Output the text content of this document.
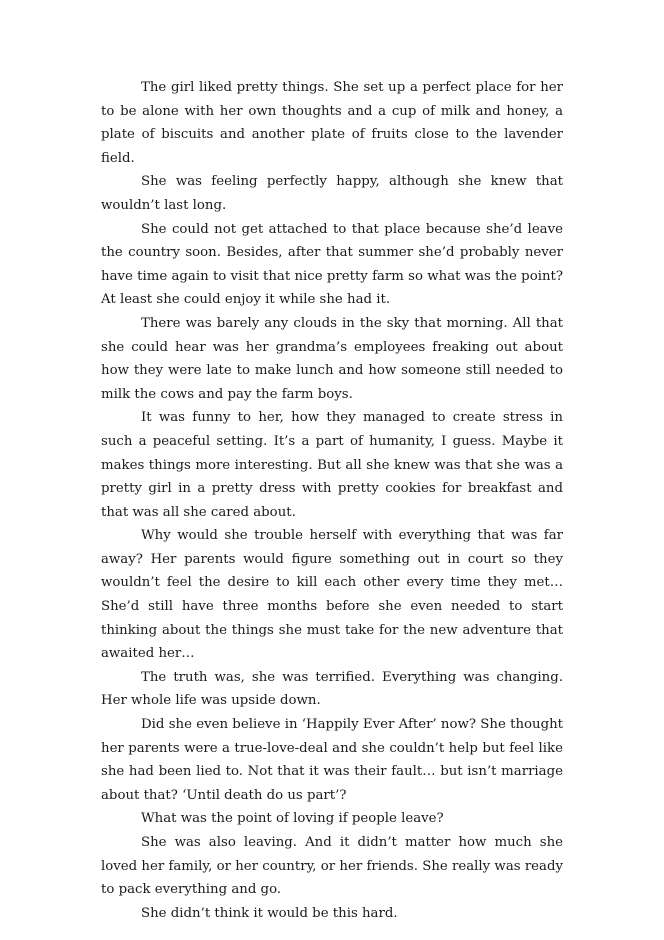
The girl liked pretty things. She set up a perfect place for her to be alone with her own thoughts and a cup of milk and honey, a plate of biscuits and another plate of fruits close to the lavender field.

She was feeling perfectly happy, although she knew that wouldn’t last long.

She could not get attached to that place because she’d leave the country soon. Besides, after that summer she’d probably never have time again to visit that nice pretty farm so what was the point? At least she could enjoy it while she had it.

There was barely any clouds in the sky that morning. All that she could hear was her grandma’s employees freaking out about how they were late to make lunch and how someone still needed to milk the cows and pay the farm boys.

It was funny to her, how they managed to create stress in such a peaceful setting. It’s a part of humanity, I guess. Maybe it makes things more interesting. But all she knew was that she was a pretty girl in a pretty dress with pretty cookies for breakfast and that was all she cared about.

Why would she trouble herself with everything that was far away? Her parents would figure something out in court so they wouldn’t feel the desire to kill each other every time they met… She’d still have three months before she even needed to start thinking about the things she must take for the new adventure that awaited her…

The truth was, she was terrified. Everything was changing. Her whole life was upside down.

Did she even believe in ‘Happily Ever After’ now? She thought her parents were a true-love-deal and she couldn’t help but feel like she had been lied to. Not that it was their fault… but isn’t marriage about that? ‘Until death do us part’?

What was the point of loving if people leave?

She was also leaving. And it didn’t matter how much she loved her family, or her country, or her friends. She really was ready to pack everything and go.

She didn’t think it would be this hard.
